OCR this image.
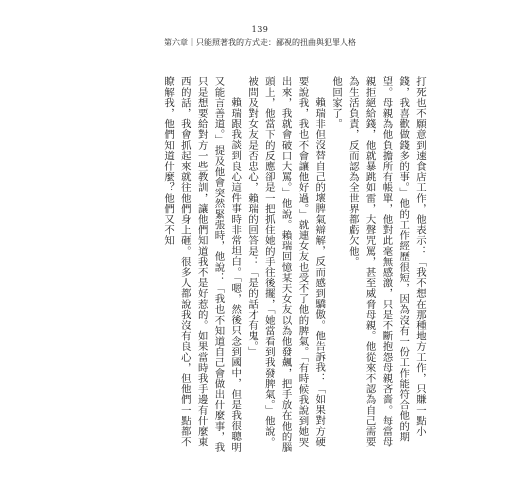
139
第六章｜只能照著我的方式走：鄙視的扭曲與犯罪人格

打死也不願意到速食店工作，他表示：「我不想在那種地方工作，只賺一點小錢，我喜歡做錢多的事。」他的工作經歷很短，因為沒有一份工作能符合他的期望。母親為他負擔所有帳單，他對此毫無感激，只是不斷抱怨母親吝嗇。每當母親拒絕給錢，他就暴跳如雷，大聲咒罵，甚至威脅母親。他從來不認為自己需要為生活負責，反而認為全世界都虧欠他。

他回家了。

賴瑞非但沒替自己的壞脾氣辯解，反而感到驕傲。他告訴我：「如果對方硬要說我，我也不會讓他好過。」就連女友也受不了他的脾氣。「有時候我說到她哭出來，我就會破口大罵。」他說。賴瑞回憶某天女友以為他發飆，把手放在他的腦頭上，他當下的反應卻是一把抓住她的手往後擺，「她當看到我發脾氣。」他說。被問及對女友是否忠心，賴瑞的回答是：「是的話才有鬼。」

賴瑞跟我談到良心這件事時非常坦白。「嗯，然後只念到國中，但是我很聰明又能言善道。」提及他會突然緊張時，他說：「我也不知道自己會做出什麼事，我只是想要給對方一些教訓，讓他們知道我不是好惹的。如果當時我手邊有什麼東西的話，我會抓起來就往他們身上砸。很多人都說我沒有良心，但他們一點都不瞭解我，他們知道什麼？他們又不知
